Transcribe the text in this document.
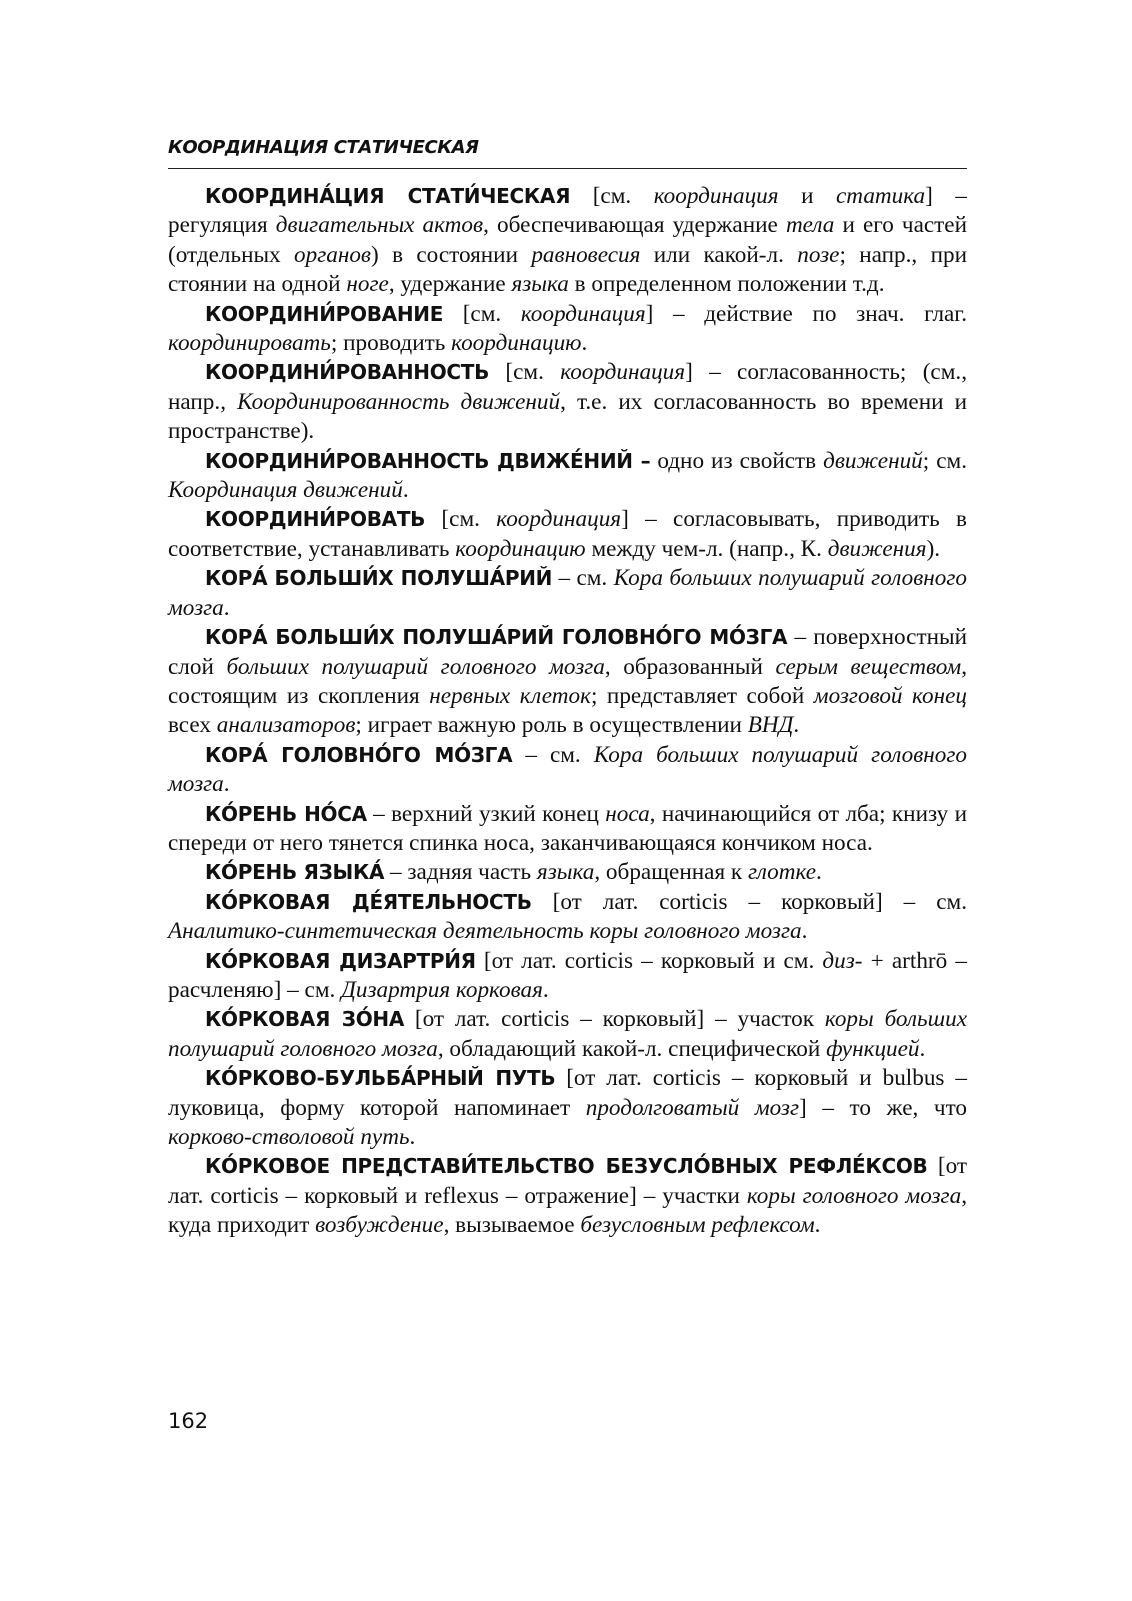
КООРДИНАЦИЯ СТАТИЧЕСКАЯ

КООРДИНА́ЦИЯ СТАТИ́ЧЕСКАЯ [см. координация и статика] – регуляция двигательных актов, обеспечивающая удержание тела и его частей (отдельных органов) в состоянии равновесия или какой-л. позе; напр., при стоянии на одной ноге, удержание языка в определенном положении т.д.

КООРДИНИ́РОВАНИЕ [см. координация] – действие по знач. глаг. координировать; проводить координацию.

КООРДИНИ́РОВАННОСТЬ [см. координация] – согласованность; (см., напр., Координированность движений, т.е. их согласованность во времени и пространстве).

КООРДИНИ́РОВАННОСТЬ ДВИЖЕ́НИЙ – одно из свойств движений; см. Координация движений.

КООРДИНИ́РОВАТЬ [см. координация] – согласовывать, приводить в соответствие, устанавливать координацию между чем-л. (напр., К. движения).

КОРА́ БОЛЬШИ́Х ПОЛУША́РИЙ – см. Кора больших полушарий головного мозга.

КОРА́ БОЛЬШИ́Х ПОЛУША́РИЙ ГОЛОВНО́ГО МО́ЗГА – поверхностный слой больших полушарий головного мозга, образованный серым веществом, состоящим из скопления нервных клеток; представляет собой мозговой конец всех анализаторов; играет важную роль в осуществлении ВНД.

КОРА́ ГОЛОВНО́ГО МО́ЗГА – см. Кора больших полушарий головного мозга.

КО́РЕНЬ НО́СА – верхний узкий конец носа, начинающийся от лба; книзу и спереди от него тянется спинка носа, заканчивающаяся кончиком носа.

КО́РЕНЬ ЯЗЫКА́ – задняя часть языка, обращенная к глотке.

КО́РКОВАЯ ДЕ́ЯТЕЛЬНОСТЬ [от лат. corticis – корковый] – см. Аналитико-синтетическая деятельность коры головного мозга.

КО́РКОВАЯ ДИЗАРТРИ́Я [от лат. corticis – корковый и см. диз- + arthrō – расчленяю] – см. Дизартрия корковая.

КО́РКОВАЯ ЗО́НА [от лат. corticis – корковый] – участок коры больших полушарий головного мозга, обладающий какой-л. специфической функцией.

КО́РКОВО-БУЛЬБА́РНЫЙ ПУТЬ [от лат. corticis – корковый и bulbus – луковица, форму которой напоминает продолговатый мозг] – то же, что корково-стволовой путь.

КО́РКОВОЕ ПРЕДСТАВИ́ТЕЛЬСТВО БЕЗУСЛО́ВНЫХ РЕФЛЕ́КСОВ [от лат. corticis – корковый и reflexus – отражение] – участки коры головного мозга, куда приходит возбуждение, вызываемое безусловным рефлексом.

162
